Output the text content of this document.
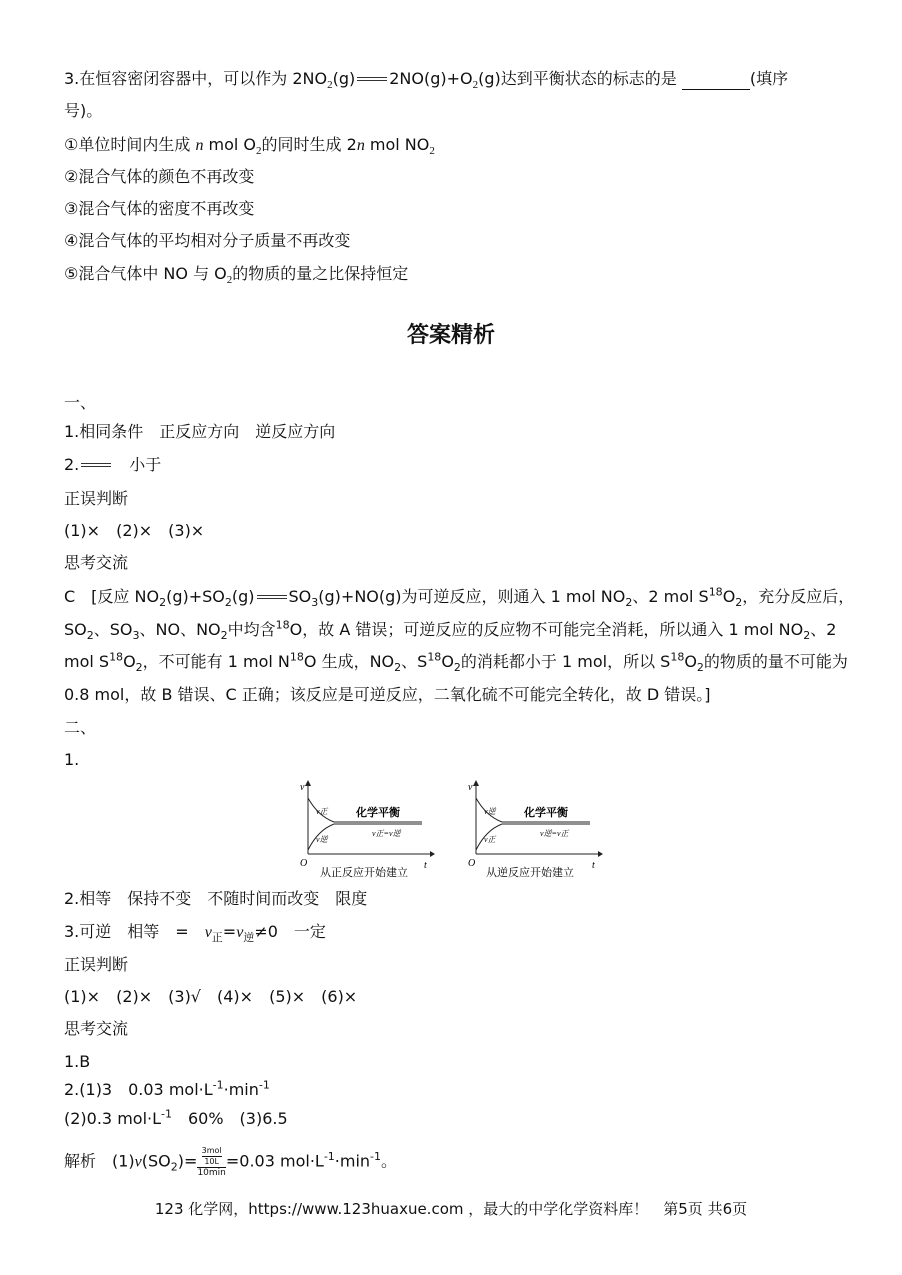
3.在恒容密闭容器中，可以作为 $2NO_2(g)$ $2NO(g)+O_2(g)$达到平衡状态的标志的是	(填序
号)。
①单位时间内生成 n mol $O_2$的同时生成 2n mol $NO_2$
②混合气体的颜色不再改变
③混合气体的密度不再改变
④混合气体的平均相对分子质量不再改变
⑤混合气体中 NO 与 $O_2$的物质的量之比保持恒定
答案精析
一、
1.相同条件　正反应方向　逆反应方向
2.　小于
正误判断
(1)×　(2)×　(3)×
思考交流
C　[反应 $NO_2(g)+SO_2(g)$ $SO_3(g)+NO(g)$为可逆反应，则通入 1 mol $NO_2$、2 mol $S^{18}O_2$，充分反应后，
$SO_2$、$SO_3$、NO、$NO_2$中均含$^{18}$O，故 A 错误；可逆反应的反应物不可能完全消耗，所以通入 1 mol $NO_2$、2
mol $S^{18}O_2$，不可能有 1 mol $N^{18}O$ 生成，$NO_2$、$S^{18}O_2$的消耗都小于 1 mol，所以 $S^{18}O_2$的物质的量不可能为
0.8 mol，故 B 错误、C 正确；该反应是可逆反应，二氧化硫不可能完全转化，故 D 错误。]
二、
1.
v
t
O
v正
v逆
化学平衡
v正=v逆
从正反应开始建立
v
t
O
v逆
v正
化学平衡
v逆=v正
从逆反应开始建立
2.相等　保持不变　不随时间而改变　限度
3.可逆　相等　=　$v_正=v_逆\ne 0$　一定
正误判断
(1)×　(2)×　(3)√　(4)×　(5)×　(6)×
思考交流
1.B
2.(1)3　0.03 $mol\cdot L^{-1}\cdot\min^{-1}$
(2)0.3 $mol\cdot L^{-1}$　60%　(3)6.5
解析　$(1)v(SO_2)= \frac{\frac{\text{3mol}}{10L}}{10\min} =0.03$ $mol\cdot L^{-1}\cdot\min^{-1}$。
123 化学网，https://www.123huaxue.com ，最大的中学化学资料库！　第5页 共6页
